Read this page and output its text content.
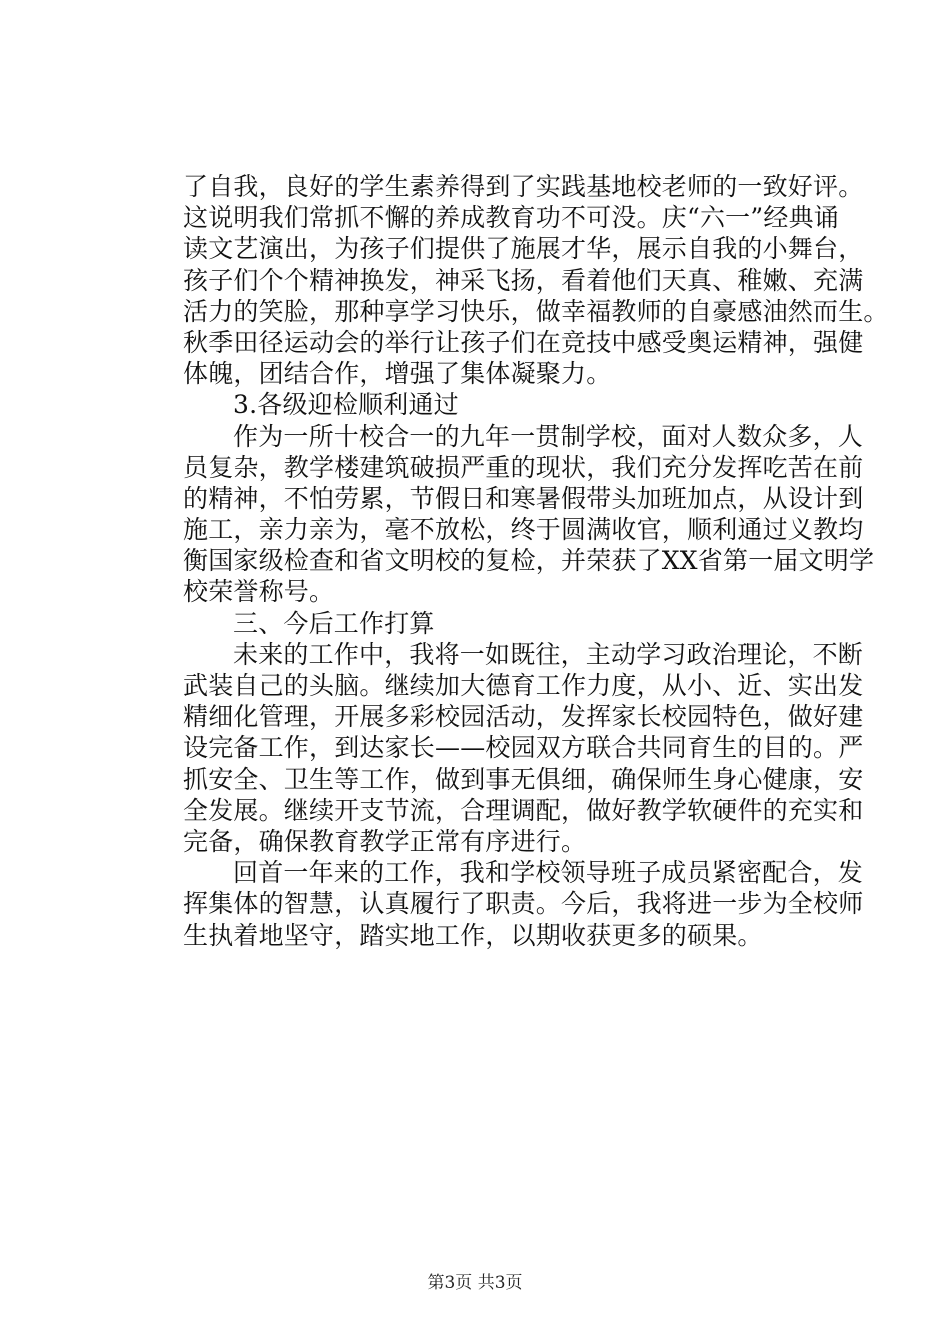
了自我，良好的学生素养得到了实践基地校老师的一致好评。
这说明我们常抓不懈的养成教育功不可没。庆“六一”经典诵
读文艺演出，为孩子们提供了施展才华，展示自我的小舞台，
孩子们个个精神换发，神采飞扬，看着他们天真、稚嫩、充满
活力的笑脸，那种享学习快乐，做幸福教师的自豪感油然而生。
秋季田径运动会的举行让孩子们在竞技中感受奥运精神，强健
体魄，团结合作，增强了集体凝聚力。
3.各级迎检顺利通过
作为一所十校合一的九年一贯制学校，面对人数众多，人
员复杂，教学楼建筑破损严重的现状，我们充分发挥吃苦在前
的精神，不怕劳累，节假日和寒暑假带头加班加点，从设计到
施工，亲力亲为，毫不放松，终于圆满收官，顺利通过义教均
衡国家级检查和省文明校的复检，并荣获了XX省第一届文明学
校荣誉称号。
三、今后工作打算
未来的工作中，我将一如既往，主动学习政治理论，不断
武装自己的头脑。继续加大德育工作力度，从小、近、实出发
精细化管理，开展多彩校园活动，发挥家长校园特色，做好建
设完备工作，到达家长——校园双方联合共同育生的目的。严
抓安全、卫生等工作，做到事无俱细，确保师生身心健康，安
全发展。继续开支节流，合理调配，做好教学软硬件的充实和
完备，确保教育教学正常有序进行。
回首一年来的工作，我和学校领导班子成员紧密配合，发
挥集体的智慧，认真履行了职责。今后，我将进一步为全校师
生执着地坚守，踏实地工作，以期收获更多的硕果。
第3页 共3页
